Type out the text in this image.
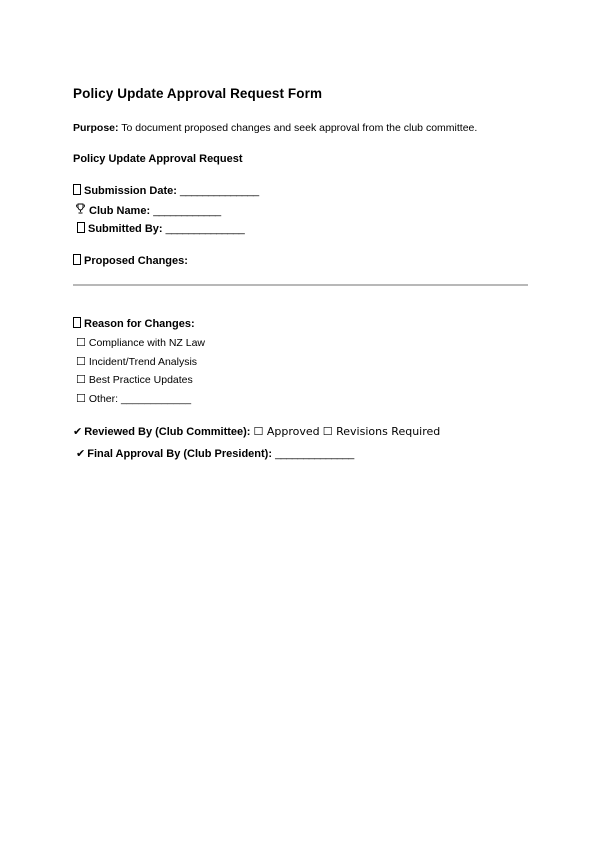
Policy Update Approval Request Form
Purpose: To document proposed changes and seek approval from the club committee.
Policy Update Approval Request
Submission Date: ______________
Club Name: ____________
Submitted By: ______________
Proposed Changes:
Reason for Changes:
☐ Compliance with NZ Law
☐ Incident/Trend Analysis
☐ Best Practice Updates
☐ Other: ____________
✔ Reviewed By (Club Committee): ☐ Approved ☐ Revisions Required
✔ Final Approval By (Club President): ______________
